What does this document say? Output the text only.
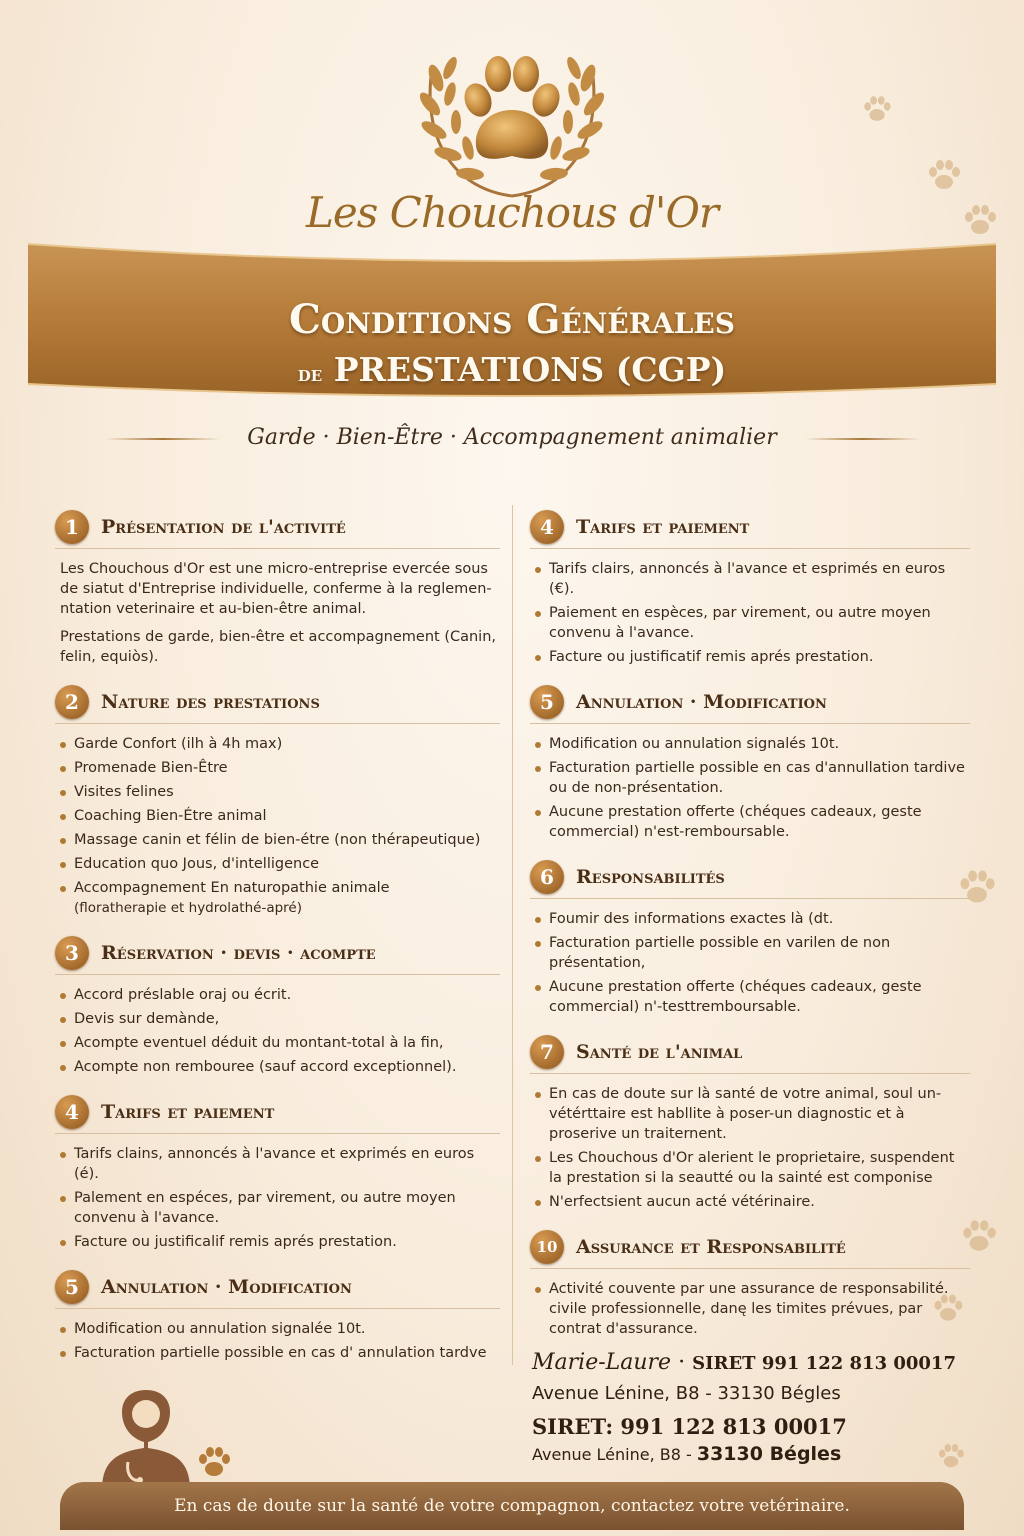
Les Chouchous d'Or
Conditions Générales
de PRESTATIONS (CGP)
Garde · Bien-Être · Accompagnement animalier
1	Présentation de l'activité
Les Chouchous d'Or est une micro-entreprise evercée sous de siatut d'Entreprise individuelle, conferme à la reglemen-ntation veterinaire et au-bien-être animal.
Prestations de garde, bien-être et accompagnement (Canin, felin, equiòs).
2	Nature des prestations
Garde Confort (ilh à 4h max)
Promenade Bien-Être
Visites felines
Coaching Bien-Étre animal
Massage canin et félin de bien-étre (non thérapeutique)
Education quo Jous, d'intelligence
Accompagnement En naturopathie animale
(floratherapie et hydrolathé-apré)
3	Réservation · devis · acompte
Accord préslable oraj ou écrit.
Devis sur demànde,
Acompte eventuel déduit du montant-total à la fin,
Acompte non rembouree (sauf accord exceptionnel).
4	Tarifs et paiement
Tarifs clains, annoncés à l'avance et exprimés en euros (é).
Palement en espéces, par virement, ou autre moyen convenu à l'avance.
Facture ou justificalif remis aprés prestation.
5	Annulation · Modification
Modification ou annulation signalée 10t.
Facturation partielle possible en cas d' annulation tardve
4	Tarifs et paiement
Tarifs clairs, annoncés à l'avance et esprimés en euros (€).
Paiement en espèces, par virement, ou autre moyen convenu à l'avance.
Facture ou justificatif remis aprés prestation.
5	Annulation · Modification
Modification ou annulation signalés 10t.
Facturation partielle possible en cas d'annullation tardive ou de non-présentation.
Aucune prestation offerte (chéques cadeaux, geste commercial) n'est-remboursable.
6	Responsabilités
Foumir des informations exactes là (dt.
Facturation partielle possible en varilen de non présentation,
Aucune prestation offerte (chéques cadeaux, geste commercial) n'-testtremboursable.
7	Santé de l'animal
En cas de doute sur là santé de votre animal, soul un-vétérttaire est habllite à poser-un diagnostic et à proserive un traiternent.
Les Chouchous d'Or alerient le proprietaire, suspendent la prestation si la seautté ou la sainté est componise
N'erfectsient aucun acté vétérinaire.
10 Assurance et Responsabilité
Activité couvente par une assurance de responsabilité. civile professionnelle, danę les timites prévues, par contrat d'assurance.
Marie-Laure · SIRET 991 122 813 00017
Avenue Lénine, B8 - 33130 Bégles
SIRET: 991 122 813 00017
Avenue Lénine, B8 - 33130 Bégles
En cas de doute sur la santé de votre compagnon, contactez votre vetérinaire.
